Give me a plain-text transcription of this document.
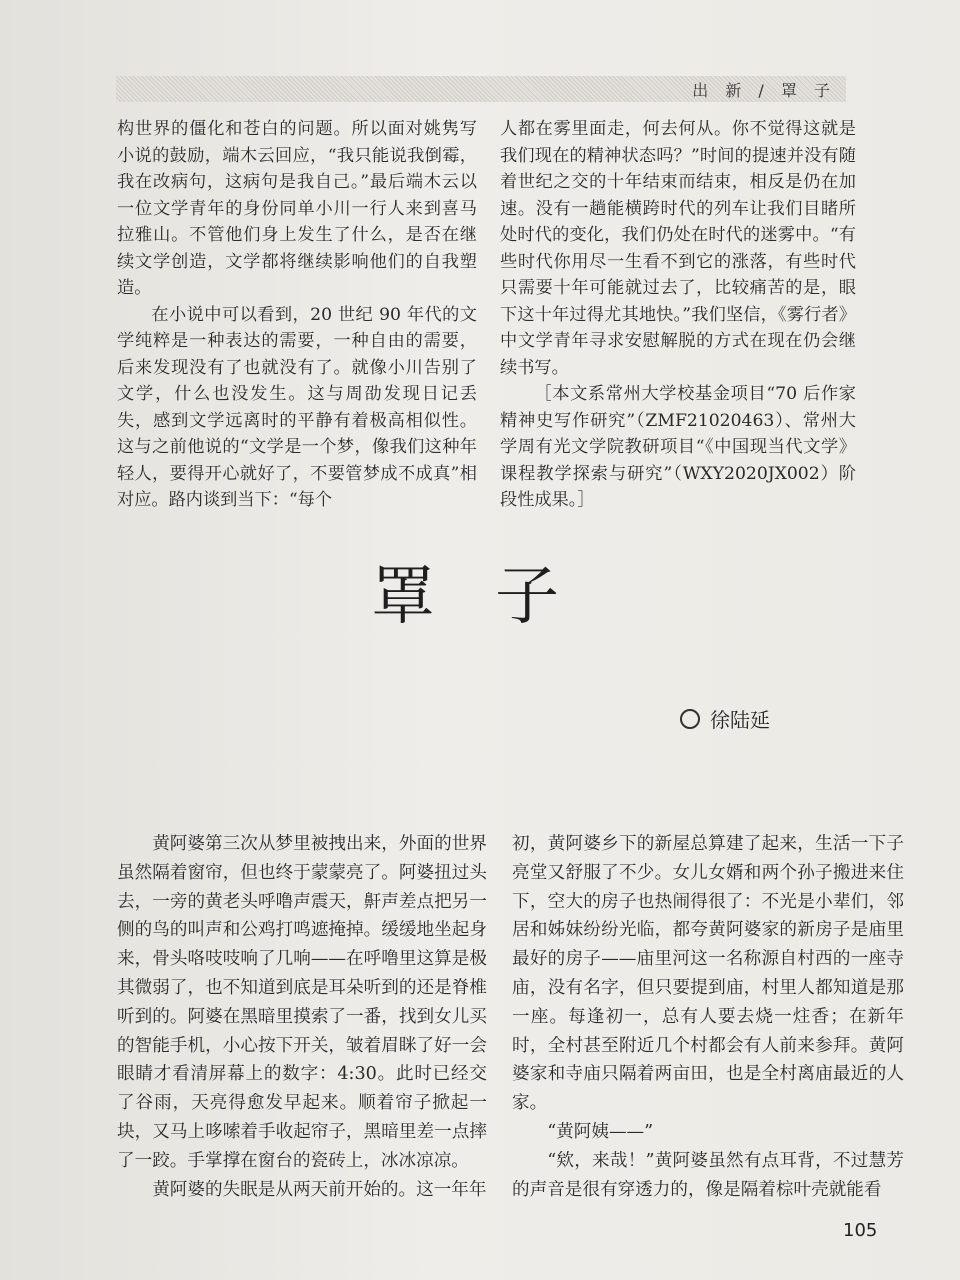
出 新 / 罩 子

构世界的僵化和苍白的问题。所以面对姚隽写小说的鼓励，端木云回应，“我只能说我倒霉，我在改病句，这病句是我自己。”最后端木云以一位文学青年的身份同单小川一行人来到喜马拉雅山。不管他们身上发生了什么，是否在继续文学创造，文学都将继续影响他们的自我塑造。

在小说中可以看到，20 世纪 90 年代的文学纯粹是一种表达的需要，一种自由的需要，后来发现没有了也就没有了。就像小川告别了文学，什么也没发生。这与周劭发现日记丢失，感到文学远离时的平静有着极高相似性。这与之前他说的“文学是一个梦，像我们这种年轻人，要得开心就好了，不要管梦成不成真”相对应。路内谈到当下：“每个

人都在雾里面走，何去何从。你不觉得这就是我们现在的精神状态吗？”时间的提速并没有随着世纪之交的十年结束而结束，相反是仍在加速。没有一趟能横跨时代的列车让我们目睹所处时代的变化，我们仍处在时代的迷雾中。“有些时代你用尽一生看不到它的涨落，有些时代只需要十年可能就过去了，比较痛苦的是，眼下这十年过得尤其地快。”我们坚信，《雾行者》中文学青年寻求安慰解脱的方式在现在仍会继续书写。

［本文系常州大学校基金项目“70 后作家精神史写作研究”（ZMF21020463）、常州大学周有光文学院教研项目“《中国现当代文学》课程教学探索与研究”（WXY2020JX002）阶段性成果。］

罩子
徐陆延

黄阿婆第三次从梦里被拽出来，外面的世界虽然隔着窗帘，但也终于蒙蒙亮了。阿婆扭过头去，一旁的黄老头呼噜声震天，鼾声差点把另一侧的鸟的叫声和公鸡打鸣遮掩掉。缓缓地坐起身来，骨头咯吱吱响了几响——在呼噜里这算是极其微弱了，也不知道到底是耳朵听到的还是脊椎听到的。阿婆在黑暗里摸索了一番，找到女儿买的智能手机，小心按下开关，皱着眉眯了好一会眼睛才看清屏幕上的数字：4:30。此时已经交了谷雨，天亮得愈发早起来。顺着帘子掀起一块，又马上哆嗦着手收起帘子，黑暗里差一点摔了一跤。手掌撑在窗台的瓷砖上，冰冰凉凉。

黄阿婆的失眠是从两天前开始的。这一年年

初，黄阿婆乡下的新屋总算建了起来，生活一下子亮堂又舒服了不少。女儿女婿和两个孙子搬进来住下，空大的房子也热闹得很了：不光是小辈们，邻居和姊妹纷纷光临，都夸黄阿婆家的新房子是庙里最好的房子——庙里河这一名称源自村西的一座寺庙，没有名字，但只要提到庙，村里人都知道是那一座。每逢初一，总有人要去烧一炷香；在新年时，全村甚至附近几个村都会有人前来参拜。黄阿婆家和寺庙只隔着两亩田，也是全村离庙最近的人家。

“黄阿姨——”

“欸，来哉！”黄阿婆虽然有点耳背，不过慧芳的声音是很有穿透力的，像是隔着棕叶壳就能看

105
